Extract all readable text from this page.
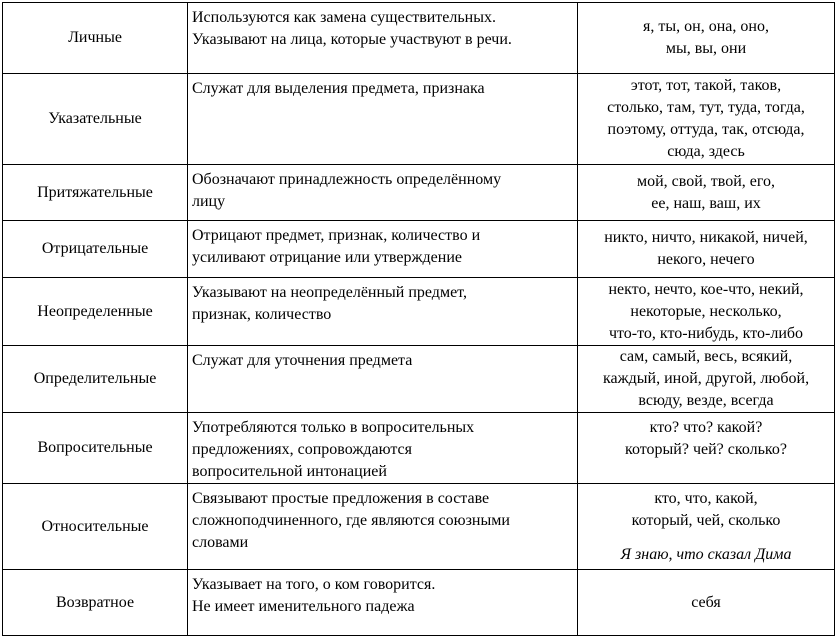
Личные	Используются как замена существительных.
Указывают на лица, которые участвуют в речи.	я, ты, он, она, оно,
мы, вы, они

Указательные	Служат для выделения предмета, признака	этот, тот, такой, таков,
столько, там, тут, туда, тогда,
поэтому, оттуда, так, отсюда,
сюда, здесь

Притяжательные	Обозначают принадлежность определённому
лицу	мой, свой, твой, его,
ее, наш, ваш, их

Отрицательные	Отрицают предмет, признак, количество и
усиливают отрицание или утверждение	никто, ничто, никакой, ничей,
некого, нечего

Неопределенные	Указывают на неопределённый предмет,
признак, количество	некто, нечто, кое-что, некий,
некоторые, несколько,
что-то, кто-нибудь, кто-либо

Определительные	Служат для уточнения предмета	сам, самый, весь, всякий,
каждый, иной, другой, любой,
всюду, везде, всегда

Вопросительные	Употребляются только в вопросительных
предложениях, сопровождаются
вопросительной интонацией	кто? что? какой?
который? чей? сколько?

Относительные	Связывают простые предложения в составе
сложноподчиненного, где являются союзными
словами	кто, что, какой,
который, чей, сколько
Я знаю, что сказал Дима

Возвратное	Указывает на того, о ком говорится.
Не имеет именительного падежа	себя
